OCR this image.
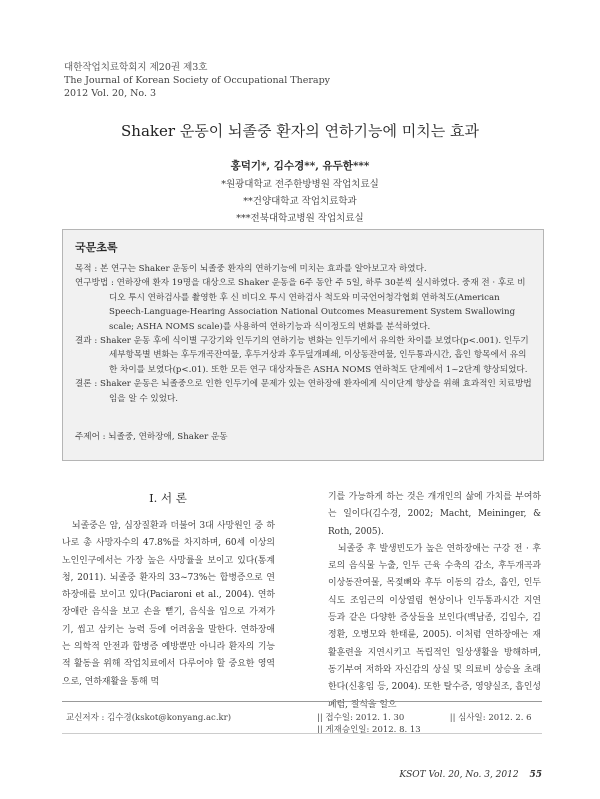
대한작업치료학회지 제20권 제3호
The Journal of Korean Society of Occupational Therapy
2012 Vol. 20, No. 3
Shaker 운동이 뇌졸중 환자의 연하기능에 미치는 효과
홍덕기*, 김수경**, 유두한***
*원광대학교 전주한방병원 작업치료실
**건양대학교 작업치료학과
***전북대학교병원 작업치료실
국문초록

목적 : 본 연구는 Shaker 운동이 뇌졸중 환자의 연하기능에 미치는 효과를 알아보고자 하였다.

연구방법 : 연하장애 환자 19명을 대상으로 Shaker 운동을 6주 동안 주 5일, 하루 30분씩 실시하였다. 중재 전 · 후로 비디오 투시 연하검사를 촬영한 후 신 비디오 투시 연하검사 척도와 미국언어청각협회 연하척도(American Speech-Language-Hearing Association National Outcomes Measurement System Swallowing scale; ASHA NOMS scale)를 사용하여 연하기능과 식이정도의 변화를 분석하였다.

결과 : Shaker 운동 후에 식이별 구강기와 인두기의 연하기능 변화는 인두기에서 유의한 차이를 보였다(p<.001). 인두기 세부항목별 변화는 후두개곡잔여물, 후두거상과 후두덮개폐쇄, 이상동잔여물, 인두통과시간, 흡인 항목에서 유의한 차이를 보였다(p<.01). 또한 모든 연구 대상자들은 ASHA NOMS 연하척도 단계에서 1~2단계 향상되었다.

결론 : Shaker 운동은 뇌졸중으로 인한 인두기에 문제가 있는 연하장애 환자에게 식이단계 향상을 위해 효과적인 치료방법임을 알 수 있었다.

주제어 : 뇌졸중, 연하장애, Shaker 운동

Ⅰ. 서 론

뇌졸중은 암, 심장질환과 더불어 3대 사망원인 중 하나로 총 사망자수의 47.8%를 차지하며, 60세 이상의 노인인구에서는 가장 높은 사망률을 보이고 있다(통계청, 2011). 뇌졸중 환자의 33~73%는 합병증으로 연하장애를 보이고 있다(Paciaroni et al., 2004). 연하장애란 음식을 보고 손을 뻗기, 음식을 입으로 가져가기, 씹고 삼키는 능력 등에 어려움을 말한다. 연하장애는 의학적 안전과 합병증 예방뿐만 아니라 환자의 기능적 활동을 위해 작업치료에서 다루어야 할 중요한 영역으로, 연하재활을 통해 먹

기를 가능하게 하는 것은 개개인의 삶에 가치를 부여하는 일이다(김수경, 2002; Macht, Meininger, & Roth, 2005).

뇌졸중 후 발생빈도가 높은 연하장애는 구강 전 · 후로의 음식물 누출, 인두 근육 수축의 감소, 후두개곡과 이상동잔여물, 목젖뼈와 후두 이동의 감소, 흡인, 인두 식도 조임근의 이상열림 현상이나 인두통과시간 지연 등과 같은 다양한 증상들을 보인다(백남종, 김임수, 김정환, 오병모와 한태륜, 2005). 이처럼 연하장애는 재활훈련을 지연시키고 독립적인 일상생활을 방해하며, 동기부여 저하와 자신감의 상실 및 의료비 상승을 초래한다(신홍임 등, 2004). 또한 탈수증, 영양실조, 흡인성 폐렴, 질식을 일으

교신저자 : 김수경(kskot@konyang.ac.kr)	|| 접수일: 2012. 1. 30	|| 심사일: 2012. 2. 6
|| 게재승인일: 2012. 8. 13
KSOT Vol. 20, No. 3, 2012 55
